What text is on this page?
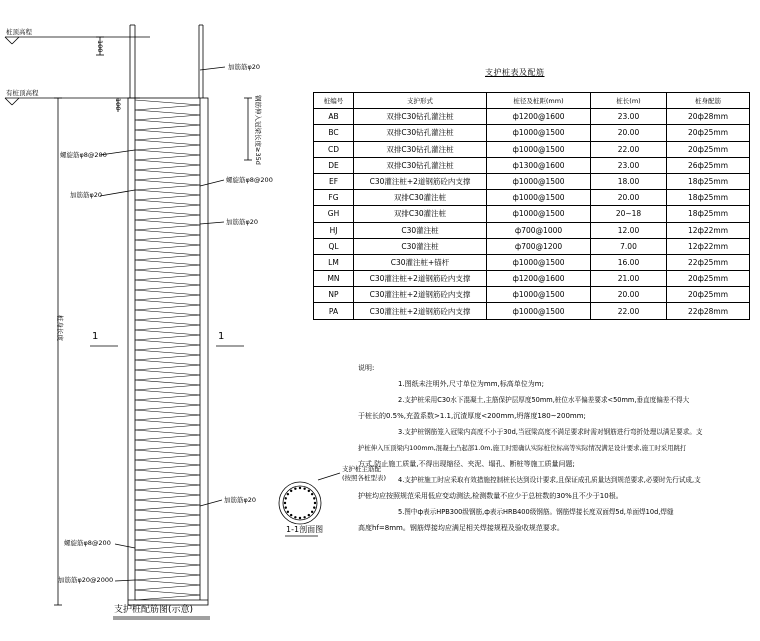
桩顶高程
有桩顶高程
桩身长度
螺旋筋φ8@200
加筋筋φ20
螺旋筋φ8@200
加筋筋φ20@2000
100
100
加筋筋φ20
钢筋伸入冠梁长度≥35d
螺旋筋φ8@200
加筋筋φ20
加筋筋φ20
1	1
1-1剖面图
支护桩主筋配
(按照各桩型表)
支护桩配筋图(示意)
支护桩表及配筋
桩编号	支护形式	桩径及桩距(mm)	桩长(m)	桩身配筋
AB	双排C30钻孔灌注桩	ф1200@1600	23.00	20ф28mm
BC	双排C30钻孔灌注桩	ф1000@1500	20.00	20ф25mm
CD	双排C30钻孔灌注桩	ф1000@1500	22.00	20ф25mm
DE	双排C30钻孔灌注桩	ф1300@1600	23.00	26ф25mm
EF	C30灌注桩+2道钢筋砼内支撑	ф1000@1500	18.00	18ф25mm
FG	双排C30灌注桩	ф1000@1500	20.00	18ф25mm
GH	双排C30灌注桩	ф1000@1500	20~18	18ф25mm
HJ	C30灌注桩	ф700@1000	12.00	12ф22mm
QL	C30灌注桩	ф700@1200	7.00	12ф22mm
LM	C30灌注桩+锚杆	ф1000@1500	16.00	22ф25mm
MN	C30灌注桩+2道钢筋砼内支撑	ф1200@1600	21.00	20ф25mm
NP	C30灌注桩+2道钢筋砼内支撑	ф1000@1500	20.00	20ф25mm
PA	C30灌注桩+2道钢筋砼内支撑	ф1000@1500	22.00	22ф28mm
说明:
1.图纸未注明外,尺寸单位为mm,标高单位为m;
2.支护桩采用C30水下混凝土,主筋保护层厚度50mm,桩位水平偏差要求<50mm,垂直度偏差不得大
于桩长的0.5%,充盈系数>1.1,沉渣厚度<200mm,坍落度180~200mm;
3.支护桩钢筋笼入冠梁内高度不小于30d,当冠梁高度不满足要求时需对钢筋进行弯折处理以满足要求。支
护桩伸入压顶梁内100mm,混凝土凸起部1.0m,施工时需确认实际桩位标高等实际情况满足设计要求,施工时采用跳打
方式,防止施工质量,不得出现缩径、夹泥、塌孔、断桩等施工质量问题;
4.支护桩施工时应采取有效措施控制桩长达到设计要求,且保证成孔质量达到规范要求,必要时先行试成,支
护桩均应按照规范采用低应变动测法,检测数量不应少于总桩数的30%且不少于10根。
5.图中ф表示HPB300级钢筋,ф表示HRB400级钢筋。钢筋焊接长度双面焊5d,单面焊10d,焊缝
高度hf=8mm。钢筋焊接均应满足相关焊接规程及验收规范要求。
